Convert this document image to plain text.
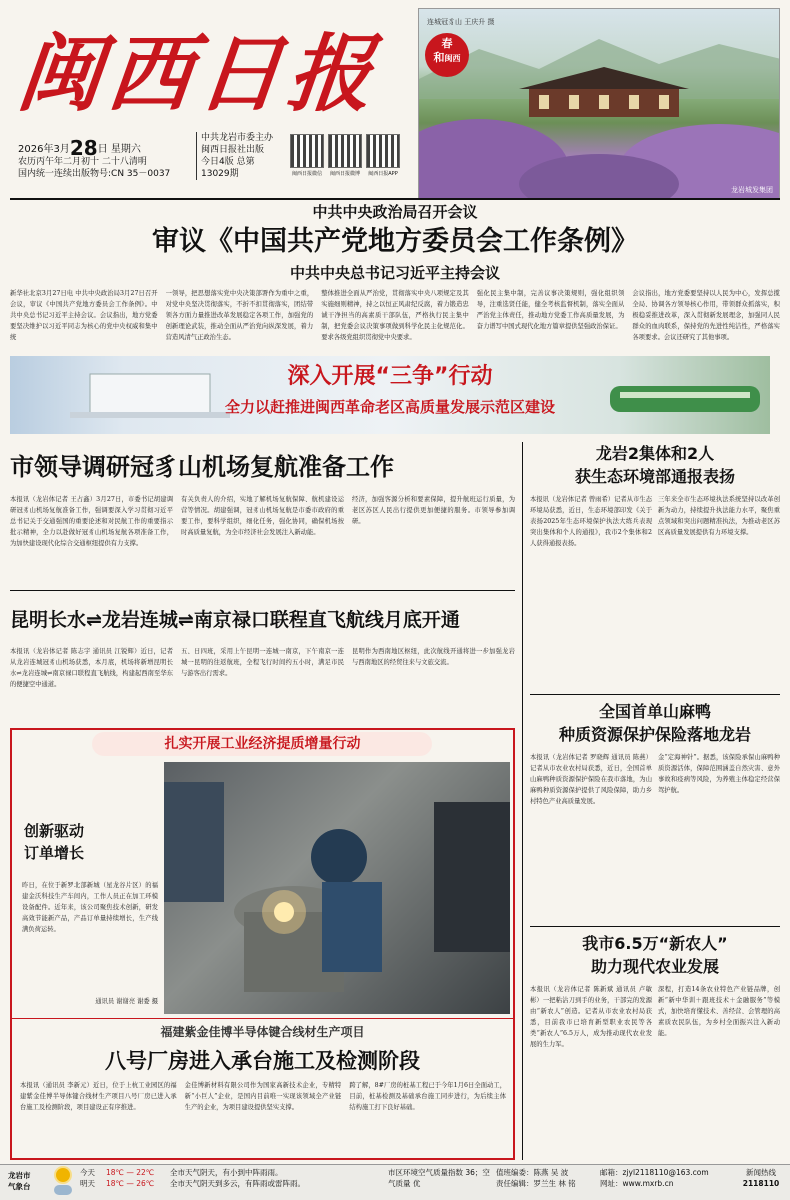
闽西日报
2026年3月28日 星期六
农历丙午年二月初十 二十八清明
国内统一连续出版物号:CN 35－0037
中共龙岩市委主办
闽西日报社出版
今日4版 总第13029期	闽西日报微信	闽西日报微博	闽西日报APP
连城冠豸山 王庆升 摄
春
和闽西
龙岩城发集团
中共中央政治局召开会议
审议《中国共产党地方委员会工作条例》
中共中央总书记习近平主持会议
新华社北京3月27日电 中共中央政治局3月27日召开会议，审议《中国共产党地方委员会工作条例》。中共中央总书记习近平主持会议。会议指出，地方党委要坚决维护以习近平同志为核心的党中央权威和集中统
一领导，把思想落实党中央决策部署作为重中之重，对党中央坚决贯彻落实，不折不扣贯彻落实，团结带领各方面力量推进改革发展稳定各项工作，加强党的创新理论武装，推动全面从严治党向纵深发展，着力营造风清气正政治生态。
整体推进全面从严治党，贯彻落实中央八项规定及其实施细则精神，持之以恒正风肃纪反腐，着力锻造忠诚干净担当的高素质干部队伍，严格执行民主集中制，把党委会议决策事项做到科学化民主化规范化。要求各级党组织贯彻党中央要求。
强化民主集中制，完善议事决策规则，强化组织领导，注重选贤任能，健全考核监督机制，落实全面从严治党主体责任，推动地方党委工作高质量发展，为奋力谱写中国式现代化地方篇章提供坚强政治保证。
会议指出，地方党委要坚持以人民为中心，发挥总揽全局、协调各方领导核心作用，带领群众抓落实，积极稳妥推进改革，深入贯彻新发展理念，加强同人民群众的血肉联系，保持党的先进性纯洁性，严格落实各项要求。会议还研究了其他事项。
深入开展“三争”行动
全力以赶推进闽西革命老区高质量发展示范区建设
市领导调研冠豸山机场复航准备工作
本报讯（龙岩体记者 王占鑫）3月27日，市委书记胡建调研冠豸山机场复航准备工作，强调要深入学习贯彻习近平总书记关于交通强国的重要论述和对民航工作的重要指示批示精神，全力以赴做好冠豸山机场复航各项准备工作，为加快建设现代化综合交通枢纽提供有力支撑。
有关负责人的介绍，实地了解机场复航保障、航机建设运营等情况。胡建强调，冠豸山机场复航是市委市政府的重要工作，要科学组织，细化任务，强化协同，确保机场按时高质量复航，为全市经济社会发展注入新动能。
经济，加强客源分析和要素保障，提升航班运行质量，为老区苏区人民出行提供更加便捷的服务。市领导参加调研。
昆明长水⇌龙岩连城⇌南京禄口联程直飞航线月底开通
本报讯（龙岩体记者 陈志宇 通讯员 江锐辉）近日，记者从龙岩连城冠豸山机场获悉，本月底，机场将新增昆明长水⇌龙岩连城⇌南京禄口联程直飞航线，构建起西南至华东的便捷空中通道。
五、日四班，采用上午昆明一连城一南京，下午南京一连城一昆明的往返航班，全程飞行时间约五小时，满足市民与游客出行需求。
昆明作为西南地区枢纽，此次航线开通将进一步加强龙岩与西南地区的经贸往来与文旅交流。
扎实开展工业经济提质增量行动
创新驱动
订单增长
昨日，在位于新罗北部新城（星龙谷片区）的福建金沃科技生产车间内，工作人员正在加工环模设备配件。近年来，该公司聚焦技术创新，研发高效节能新产品，产品订单量持续增长，生产线满负荷运转。
通讯员 谢谢亮 谢委 摄
福建紫金佳博半导体键合线材生产项目
八号厂房进入承台施工及检测阶段
本报讯（通讯员 李新元）近日，位于上杭工业园区的福建紫金佳博半导体键合线材生产项目八号厂房已进入承台施工及检测阶段，项目建设正有序推进。
金佳博新材料有限公司作为国家高新技术企业，专精特新“小巨人”企业，是国内目前唯一实现该领域全产业链生产的企业，为项目建设提供坚实支撑。
跨了解，8#厂房的桩基工程已于今年1月6日全面动工，目前，桩基检测及基础承台施工同步进行，为后续主体结构施工打下良好基础。
龙岩2集体和2人
获生态环境部通报表扬
本报讯（龙岩体记者 曾雨希）记者从市生态环境局获悉，近日，生态环境部印发《关于表扬2025年生态环境保护执法大练兵表现突出集体和个人的通报》，我市2个集体和2人获得通报表扬。
三年来全市生态环境执法系统坚持以改革创新为动力，持续提升执法能力水平，聚焦重点领域和突出问题精准执法，为推动老区苏区高质量发展提供有力环境支撑。
全国首单山麻鸭
种质资源保护保险落地龙岩
本报讯（龙岩体记者 罗晓辉 通讯员 陈燕）记者从市农业农村局获悉，近日，全国首单山麻鸭种质资源保护保险在我市落地，为山麻鸭种质资源保护提供了风险保障，助力乡村特色产业高质量发展。
金“定海神针”。据悉，该保险承保山麻鸭种质资源活体，保障范围涵盖自然灾害、意外事故和疫病等风险，为养殖主体稳定经营保驾护航。
我市6.5万“新农人”
助力现代农业发展
本报讯（龙岩体记者 陈新斌 通讯员 卢敏彬）一把粘沾刀到手的业务，干部完的发源由“新农人”创造。记者从市农业农村局获悉，目前我市已培育新型职业农民等各类“新农人”6.5万人，成为推动现代农业发展的生力军。
深程，打造14条农业特色产业链品牌，创新“新中华训＋跟班技术＋金融服务”等模式，加快培育懂技术、善经营、会管理的高素质农民队伍，为乡村全面振兴注入新动能。
龙岩市
气象台
今天 18℃ — 22℃ 全市天气阴天，有小到中阵雨雨。
明天 18℃ — 26℃ 全市天气阴天到多云，有阵雨或雷阵雨。
市区环境空气质量指数 36；空气质量 优
值班编委：陈燕 吴 波
责任编辑：罗兰生 林 铭
邮箱：zjyl2118110@163.com
网址：www.mxrb.cn
新闻热线
2118110
